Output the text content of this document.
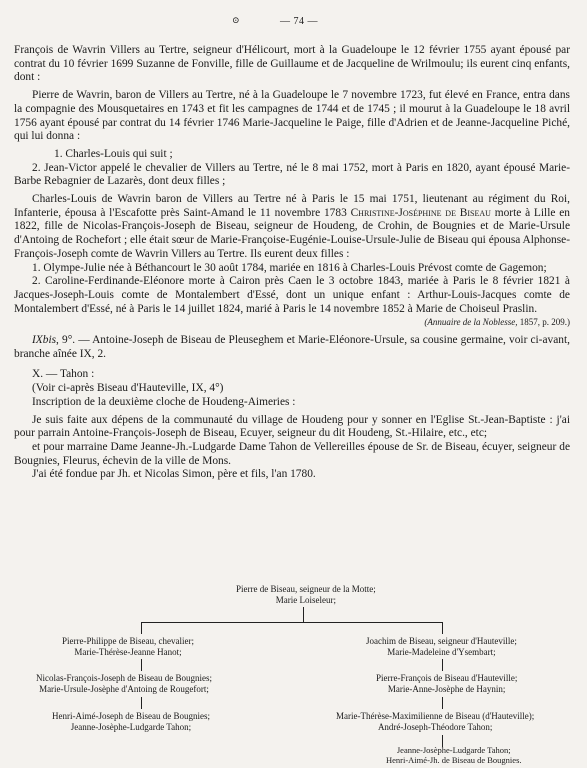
⊙	— 74 —

François de Wavrin Villers au Tertre, seigneur d'Hélicourt, mort à la Guadeloupe le 12 février 1755 ayant épousé par contrat du 10 février 1699 Suzanne de Fonville, fille de Guillaume et de Jacqueline de Wrilmoulu; ils eurent cinq enfants, dont :

Pierre de Wavrin, baron de Villers au Tertre, né à la Guadeloupe le 7 novembre 1723, fut élevé en France, entra dans la compagnie des Mousquetaires en 1743 et fit les campagnes de 1744 et de 1745 ; il mourut à la Guadeloupe le 18 avril 1756 ayant épousé par contrat du 14 février 1746 Marie-Jacqueline le Paige, fille d'Adrien et de Jeanne-Jacqueline Piché, qui lui donna :

1. Charles-Louis qui suit ;

2. Jean-Victor appelé le chevalier de Villers au Tertre, né le 8 mai 1752, mort à Paris en 1820, ayant épousé Marie-Barbe Rebagnier de Lazarès, dont deux filles ;

Charles-Louis de Wavrin baron de Villers au Tertre né à Paris le 15 mai 1751, lieutenant au régiment du Roi, Infanterie, épousa à l'Escafotte près Saint-Amand le 11 novembre 1783 Christine-Joséphine de Biseau morte à Lille en 1822, fille de Nicolas-François-Joseph de Biseau, seigneur de Houdeng, de Crohin, de Bougnies et de Marie-Ursule d'Antoing de Rochefort ; elle était sœur de Marie-Françoise-Eugénie-Louise-Ursule-Julie de Biseau qui épousa Alphonse-François-Joseph comte de Wavrin Villers au Tertre. Ils eurent deux filles :

1. Olympe-Julie née à Béthancourt le 30 août 1784, mariée en 1816 à Charles-Louis Prévost comte de Gagemon;

2. Caroline-Ferdinande-Eléonore morte à Cairon près Caen le 3 octobre 1843, mariée à Paris le 8 février 1821 à Jacques-Joseph-Louis comte de Montalembert d'Essé, dont un unique enfant : Arthur-Louis-Jacques comte de Montalembert d'Essé, né à Paris le 14 juillet 1824, marié à Paris le 14 novembre 1852 à Marie de Choiseul Praslin.

(Annuaire de la Noblesse, 1857, p. 209.)

IXbis, 9°. — Antoine-Joseph de Biseau de Pleuseghem et Marie-Eléonore-Ursule, sa cousine germaine, voir ci-avant, branche aînée IX, 2.

X. — Tahon :

(Voir ci-après Biseau d'Hauteville, IX, 4°)

Inscription de la deuxième cloche de Houdeng-Aimeries :

Je suis faite aux dépens de la communauté du village de Houdeng pour y sonner en l'Eglise St.-Jean-Baptiste : j'ai pour parrain Antoine-François-Joseph de Biseau, Ecuyer, seigneur du dit Houdeng, St.-Hilaire, etc., etc;

et pour marraine Dame Jeanne-Jh.-Ludgarde Dame Tahon de Vellereilles épouse de Sr. de Biseau, écuyer, seigneur de Bougnies, Fleurus, échevin de la ville de Mons.

J'ai été fondue par Jh. et Nicolas Simon, père et fils, l'an 1780.

Pierre de Biseau, seigneur de la Motte;
Marie Loiseleur;
Pierre-Philippe de Biseau, chevalier;
Marie-Thérèse-Jeanne Hanot;
Nicolas-François-Joseph de Biseau de Bougnies;
Marie-Ursule-Josèphe d'Antoing de Rougefort;
Henri-Aimé-Joseph de Biseau de Bougnies;
Jeanne-Josèphe-Ludgarde Tahon;
Joachim de Biseau, seigneur d'Hauteville;
Marie-Madeleine d'Ysembart;
Pierre-François de Biseau d'Hauteville;
Marie-Anne-Josèphe de Haynin;
Marie-Thérèse-Maximilienne de Biseau (d'Hauteville);
André-Joseph-Théodore Tahon;
Jeanne-Josèphe-Ludgarde Tahon;
Henri-Aimé-Jh. de Biseau de Bougnies.
